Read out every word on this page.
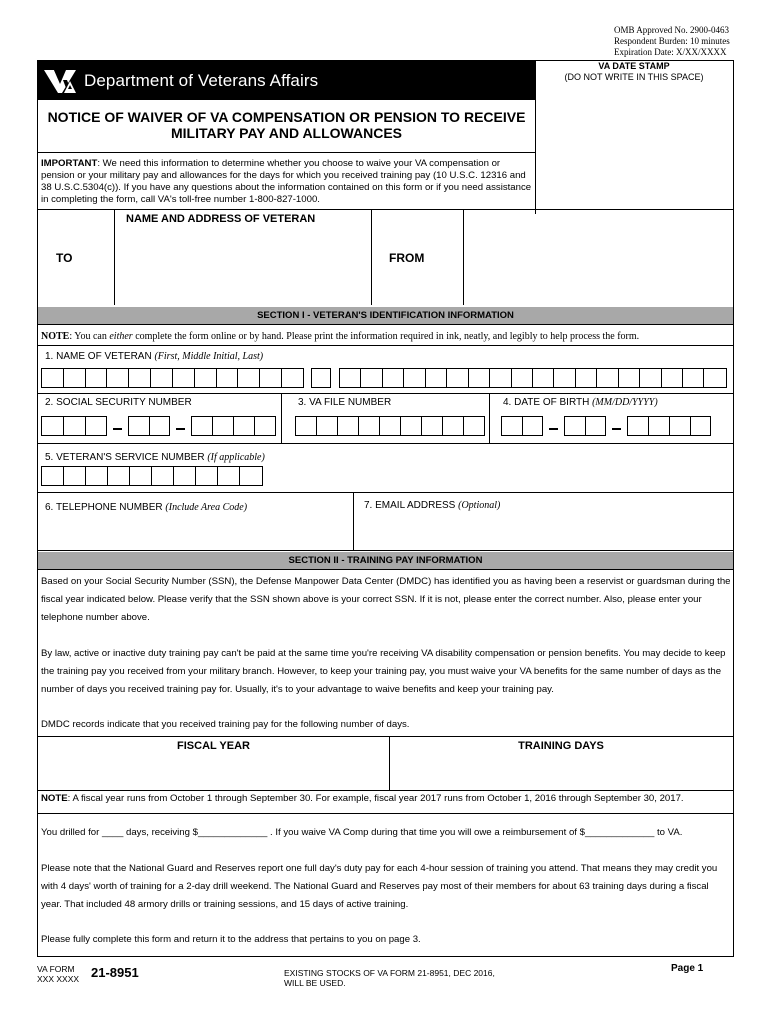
OMB Approved No. 2900-0463
Respondent Burden: 10 minutes
Expiration Date: X/XX/XXXX
Department of Veterans Affairs
VA DATE STAMP
(DO NOT WRITE IN THIS SPACE)
NOTICE OF WAIVER OF VA COMPENSATION OR PENSION TO RECEIVE
MILITARY PAY AND ALLOWANCES
IMPORTANT: We need this information to determine whether you choose to waive your VA compensation or pension or your military pay and allowances for the days for which you received training pay (10 U.S.C. 12316 and 38 U.S.C.5304(c)). If you have any questions about the information contained on this form or if you need assistance in completing the form, call VA's toll-free number 1-800-827-1000.
NAME AND ADDRESS OF VETERAN
TO	FROM
SECTION I - VETERAN'S IDENTIFICATION INFORMATION
NOTE: You can either complete the form online or by hand. Please print the information required in ink, neatly, and legibly to help process the form.
1. NAME OF VETERAN (First, Middle Initial, Last)
2. SOCIAL SECURITY NUMBER	3. VA FILE NUMBER	4. DATE OF BIRTH (MM/DD/YYYY)
5. VETERAN'S SERVICE NUMBER (If applicable)
6. TELEPHONE NUMBER (Include Area Code)	7. EMAIL ADDRESS (Optional)
SECTION II - TRAINING PAY INFORMATION
Based on your Social Security Number (SSN), the Defense Manpower Data Center (DMDC) has identified you as having been a reservist or guardsman during the fiscal year indicated below. Please verify that the SSN shown above is your correct SSN. If it is not, please enter the correct number. Also, please enter your telephone number above.
By law, active or inactive duty training pay can't be paid at the same time you're receiving VA disability compensation or pension benefits. You may decide to keep the training pay you received from your military branch. However, to keep your training pay, you must waive your VA benefits for the same number of days as the number of days you received training pay for. Usually, it's to your advantage to waive benefits and keep your training pay.
DMDC records indicate that you received training pay for the following number of days.
FISCAL YEAR	TRAINING DAYS
NOTE: A fiscal year runs from October 1 through September 30. For example, fiscal year 2017 runs from October 1, 2016 through September 30, 2017.
You drilled for ____ days, receiving $_____________ . If you waive VA Comp during that time you will owe a reimbursement of $_____________ to VA.
Please note that the National Guard and Reserves report one full day's duty pay for each 4-hour session of training you attend. That means they may credit you with 4 days' worth of training for a 2-day drill weekend. The National Guard and Reserves pay most of their members for about 63 training days during a fiscal year. That included 48 armory drills or training sessions, and 15 days of active training.
Please fully complete this form and return it to the address that pertains to you on page 3.
VA FORM
XXX XXXX 21-8951	EXISTING STOCKS OF VA FORM 21-8951, DEC 2016,
WILL BE USED.
Page 1
